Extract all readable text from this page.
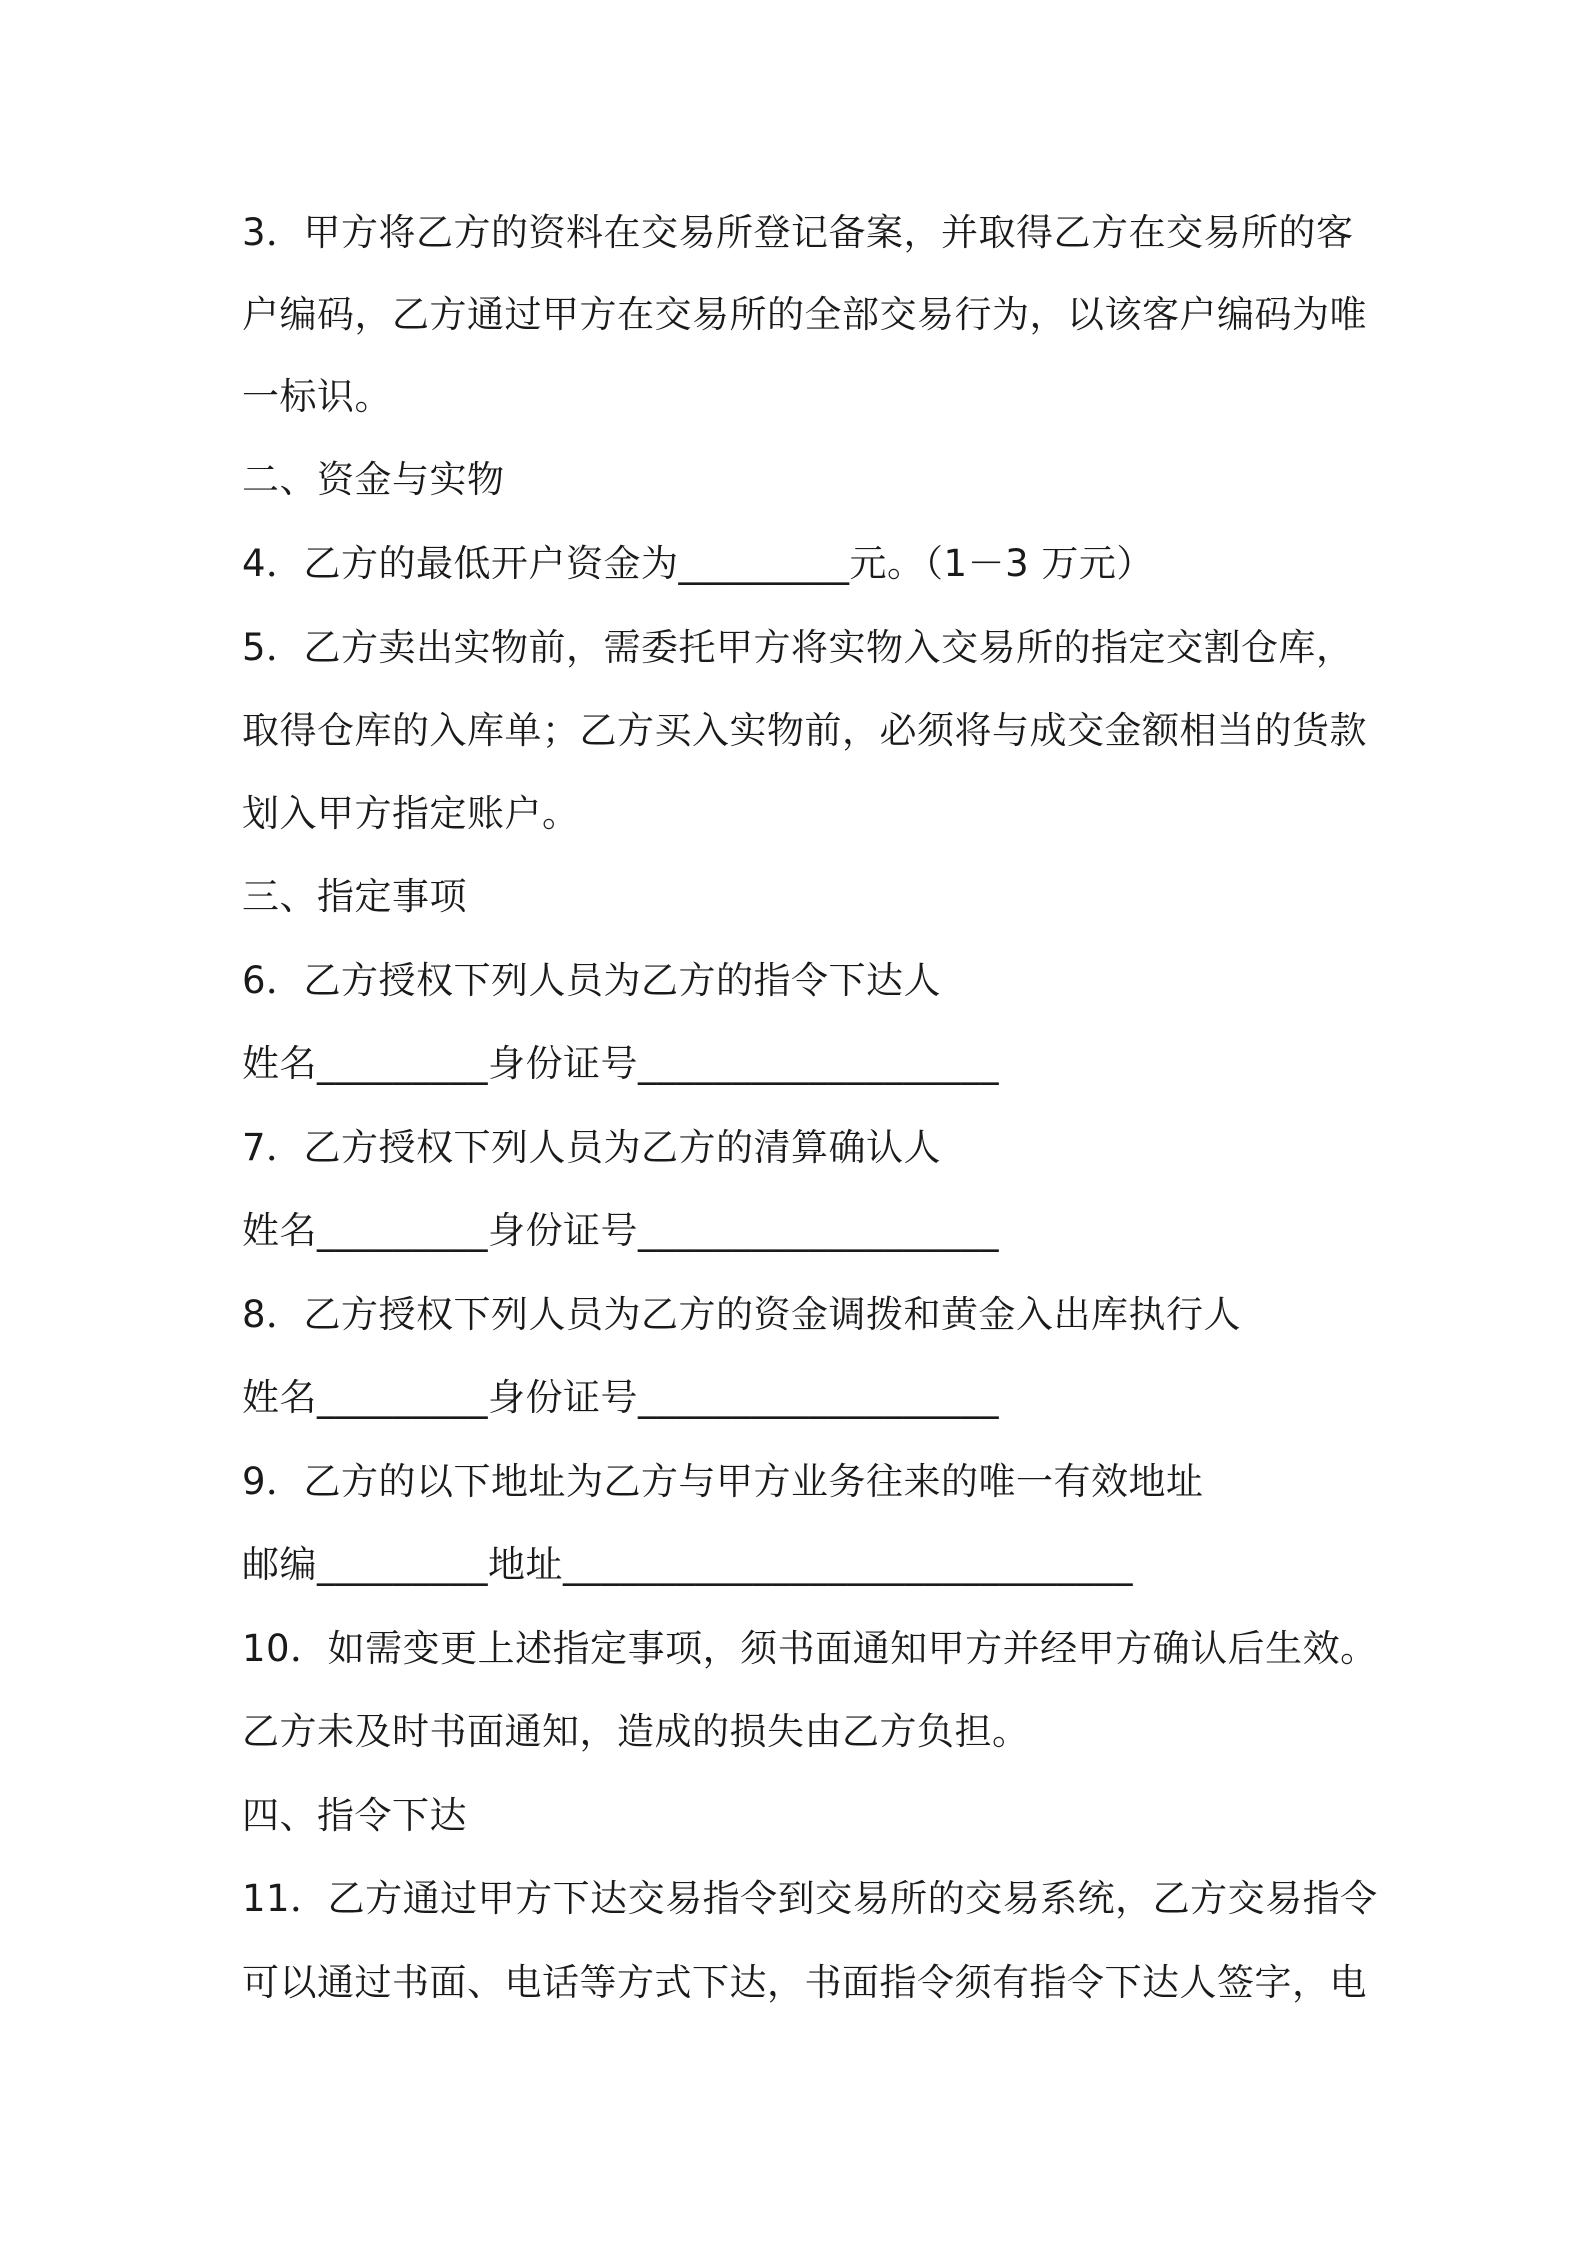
3．甲方将乙方的资料在交易所登记备案，并取得乙方在交易所的客
户编码，乙方通过甲方在交易所的全部交易行为，以该客户编码为唯
一标识。
二、资金与实物
4．乙方的最低开户资金为_________元。（1－3 万元）
5．乙方卖出实物前，需委托甲方将实物入交易所的指定交割仓库，
取得仓库的入库单；乙方买入实物前，必须将与成交金额相当的货款
划入甲方指定账户。
三、指定事项
6．乙方授权下列人员为乙方的指令下达人
姓名_________身份证号___________________
7．乙方授权下列人员为乙方的清算确认人
姓名_________身份证号___________________
8．乙方授权下列人员为乙方的资金调拨和黄金入出库执行人
姓名_________身份证号___________________
9．乙方的以下地址为乙方与甲方业务往来的唯一有效地址
邮编_________地址______________________________
10．如需变更上述指定事项，须书面通知甲方并经甲方确认后生效。
乙方未及时书面通知，造成的损失由乙方负担。
四、指令下达
11．乙方通过甲方下达交易指令到交易所的交易系统，乙方交易指令
可以通过书面、电话等方式下达，书面指令须有指令下达人签字，电
